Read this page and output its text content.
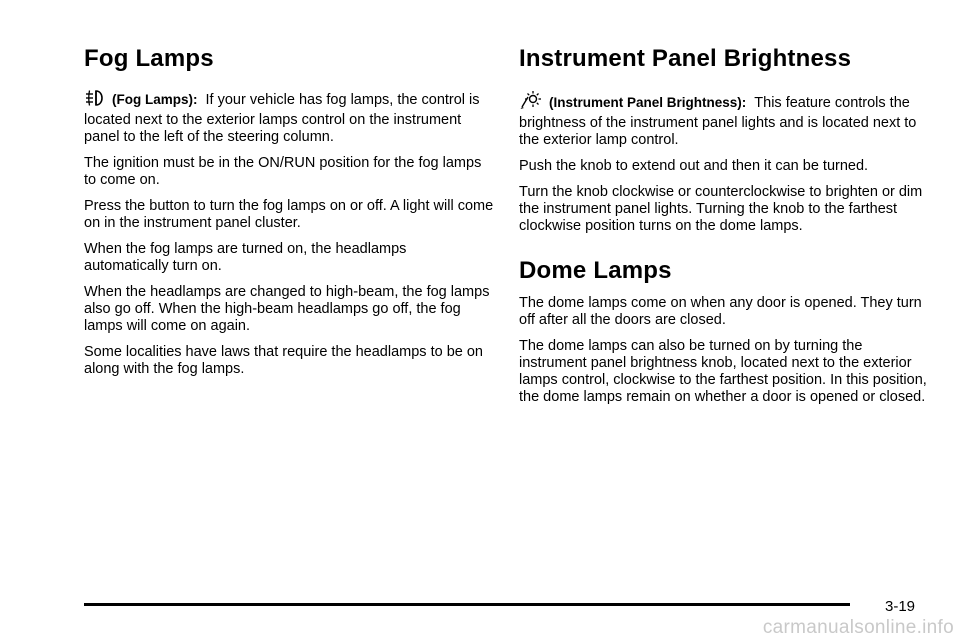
Fog Lamps

(Fog Lamps): If your vehicle has fog lamps, the control is located next to the exterior lamps control on the instrument panel to the left of the steering column.

The ignition must be in the ON/RUN position for the fog lamps to come on.

Press the button to turn the fog lamps on or off. A light will come on in the instrument panel cluster.

When the fog lamps are turned on, the headlamps automatically turn on.

When the headlamps are changed to high-beam, the fog lamps also go off. When the high-beam headlamps go off, the fog lamps will come on again.

Some localities have laws that require the headlamps to be on along with the fog lamps.

Instrument Panel Brightness

(Instrument Panel Brightness): This feature controls the brightness of the instrument panel lights and is located next to the exterior lamp control.

Push the knob to extend out and then it can be turned.

Turn the knob clockwise or counterclockwise to brighten or dim the instrument panel lights. Turning the knob to the farthest clockwise position turns on the dome lamps.

Dome Lamps

The dome lamps come on when any door is opened. They turn off after all the doors are closed.

The dome lamps can also be turned on by turning the instrument panel brightness knob, located next to the exterior lamps control, clockwise to the farthest position. In this position, the dome lamps remain on whether a door is opened or closed.

3-19
carmanualsonline.info
